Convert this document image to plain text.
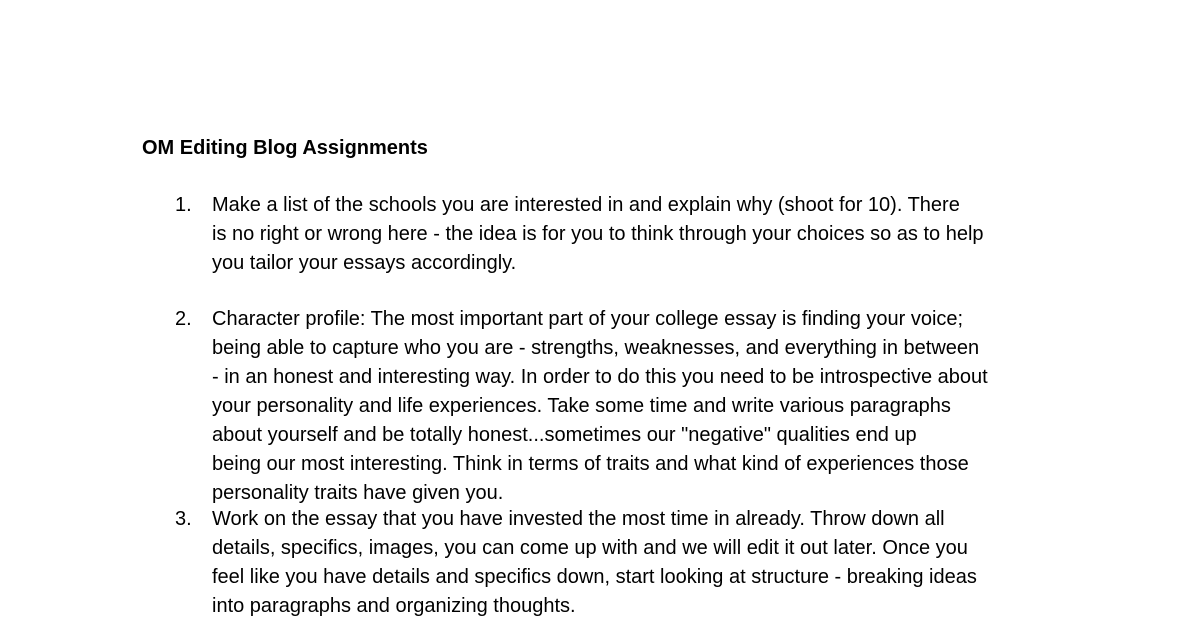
OM Editing Blog Assignments
1.	Make a list of the schools you are interested in and explain why (shoot for 10). There
is no right or wrong here - the idea is for you to think through your choices so as to help
you tailor your essays accordingly.
2.	Character profile: The most important part of your college essay is finding your voice;
being able to capture who you are - strengths, weaknesses, and everything in between
- in an honest and interesting way. In order to do this you need to be introspective about
your personality and life experiences. Take some time and write various paragraphs
about yourself and be totally honest...sometimes our "negative" qualities end up
being our most interesting. Think in terms of traits and what kind of experiences those
personality traits have given you.
3.	Work on the essay that you have invested the most time in already. Throw down all
details, specifics, images, you can come up with and we will edit it out later. Once you
feel like you have details and specifics down, start looking at structure - breaking ideas
into paragraphs and organizing thoughts.
